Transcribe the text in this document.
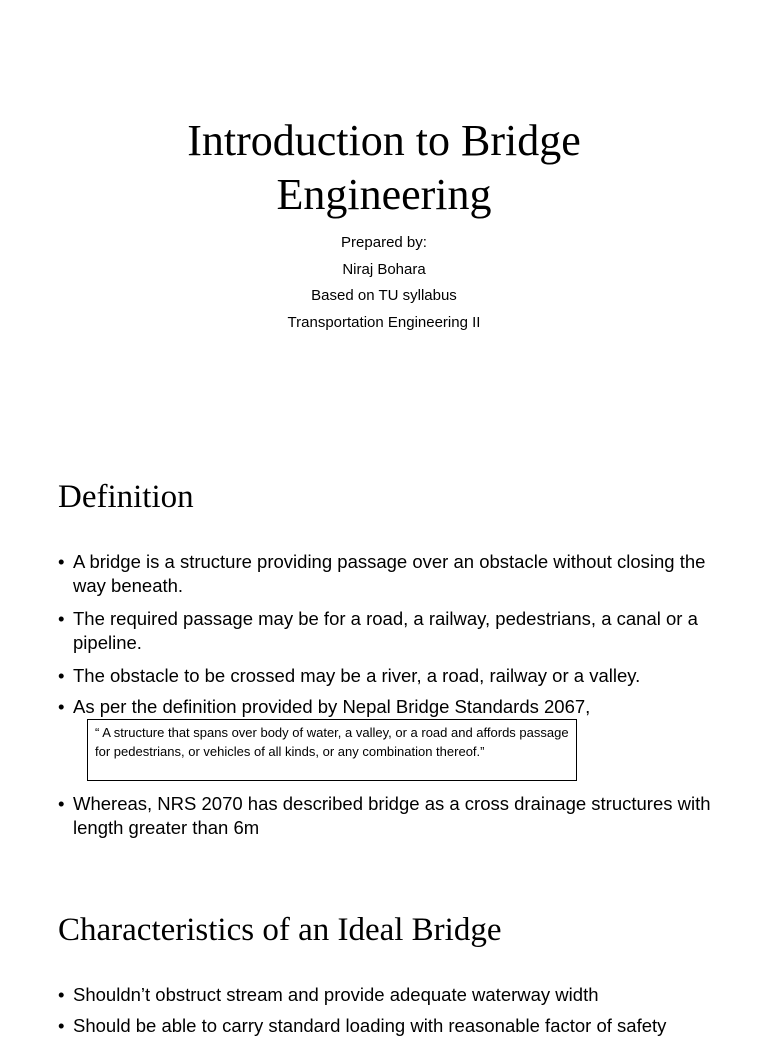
Introduction to Bridge
Engineering
Prepared by:
Niraj Bohara
Based on TU syllabus
Transportation Engineering II
Definition
• A bridge is a structure providing passage over an obstacle without closing the way beneath.
• The required passage may be for a road, a railway, pedestrians, a canal or a pipeline.
• The obstacle to be crossed may be a river, a road, railway or a valley.
• As per the definition provided by Nepal Bridge Standards 2067,
“ A structure that spans over body of water, a valley, or a road and affords passage for pedestrians, or vehicles of all kinds, or any combination thereof.”
• Whereas, NRS 2070 has described bridge as a cross drainage structures with length greater than 6m
Characteristics of an Ideal Bridge
• Shouldn’t obstruct stream and provide adequate waterway width
• Should be able to carry standard loading with reasonable factor of safety
